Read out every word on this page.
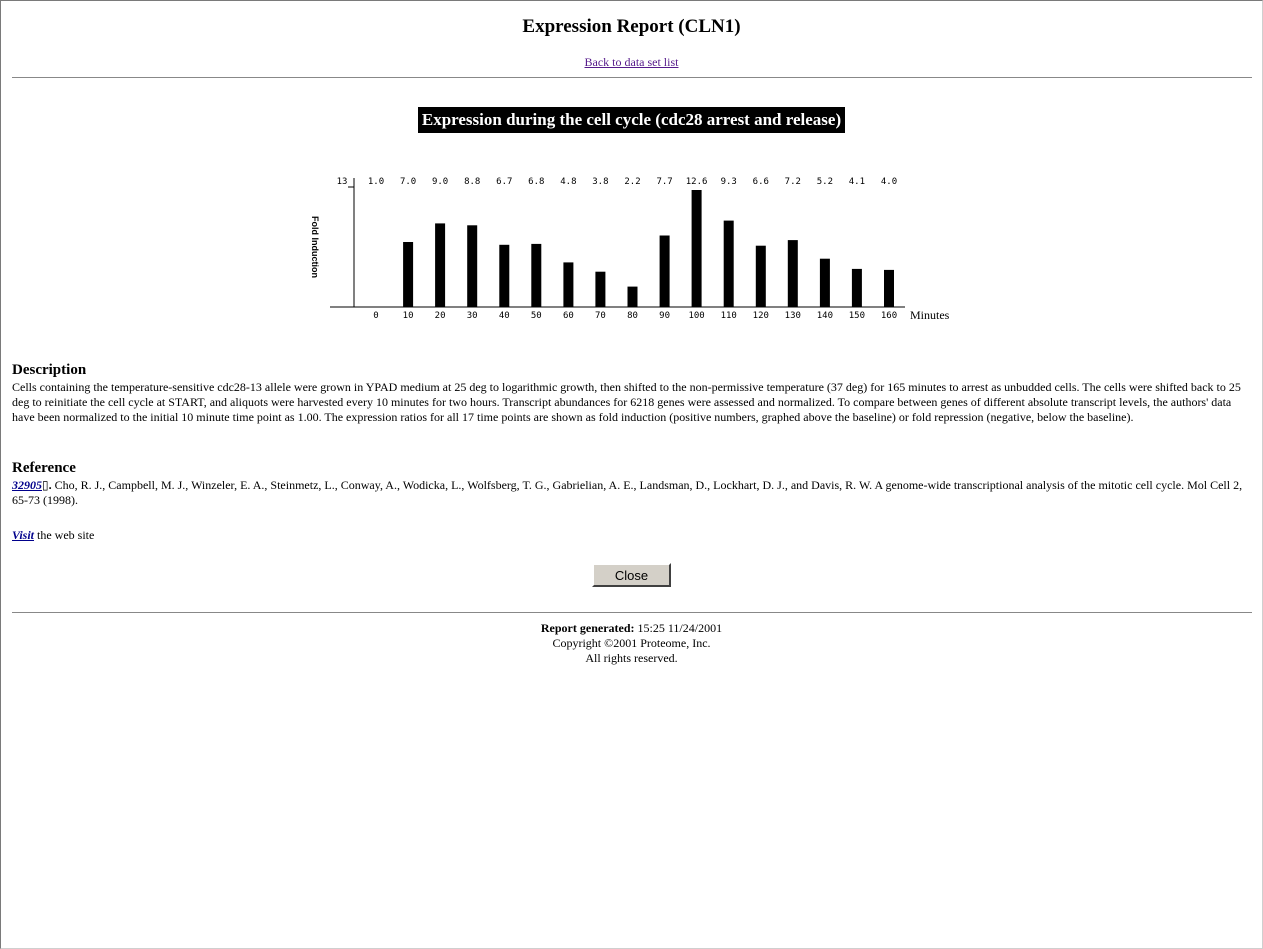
Expression Report (CLN1)
Back to data set list
Expression during the cell cycle (cdc28 arrest and release)
13
Fold Induction
Minutes
1.0 7.0 9.0 8.8 6.7 6.8 4.8 3.8 2.2 7.7 12.6 9.3 6.6 7.2 5.2 4.1 4.0
0	10 20 30 40 50 60 70 80 90 100 110 120 130 140 150 160
Description
Cells containing the temperature-sensitive cdc28-13 allele were grown in YPAD medium at 25 deg to logarithmic growth, then shifted to the non-permissive temperature (37 deg) for 165 minutes to arrest as unbudded cells. The cells were shifted back to 25 deg to reinitiate the cell cycle at START, and aliquots were harvested every 10 minutes for two hours. Transcript abundances for 6218 genes were assessed and normalized. To compare between genes of different absolute transcript levels, the authors' data have been normalized to the initial 10 minute time point as 1.00. The expression ratios for all 17 time points are shown as fold induction (positive numbers, graphed above the baseline) or fold repression (negative, below the baseline).
Reference
32905▯. Cho, R. J., Campbell, M. J., Winzeler, E. A., Steinmetz, L., Conway, A., Wodicka, L., Wolfsberg, T. G., Gabrielian, A. E., Landsman, D., Lockhart, D. J., and Davis, R. W. A genome-wide transcriptional analysis of the mitotic cell cycle. Mol Cell 2, 65-73 (1998).
Visit the web site
Close
Report generated: 15:25 11/24/2001
Copyright ©2001 Proteome, Inc.
All rights reserved.
